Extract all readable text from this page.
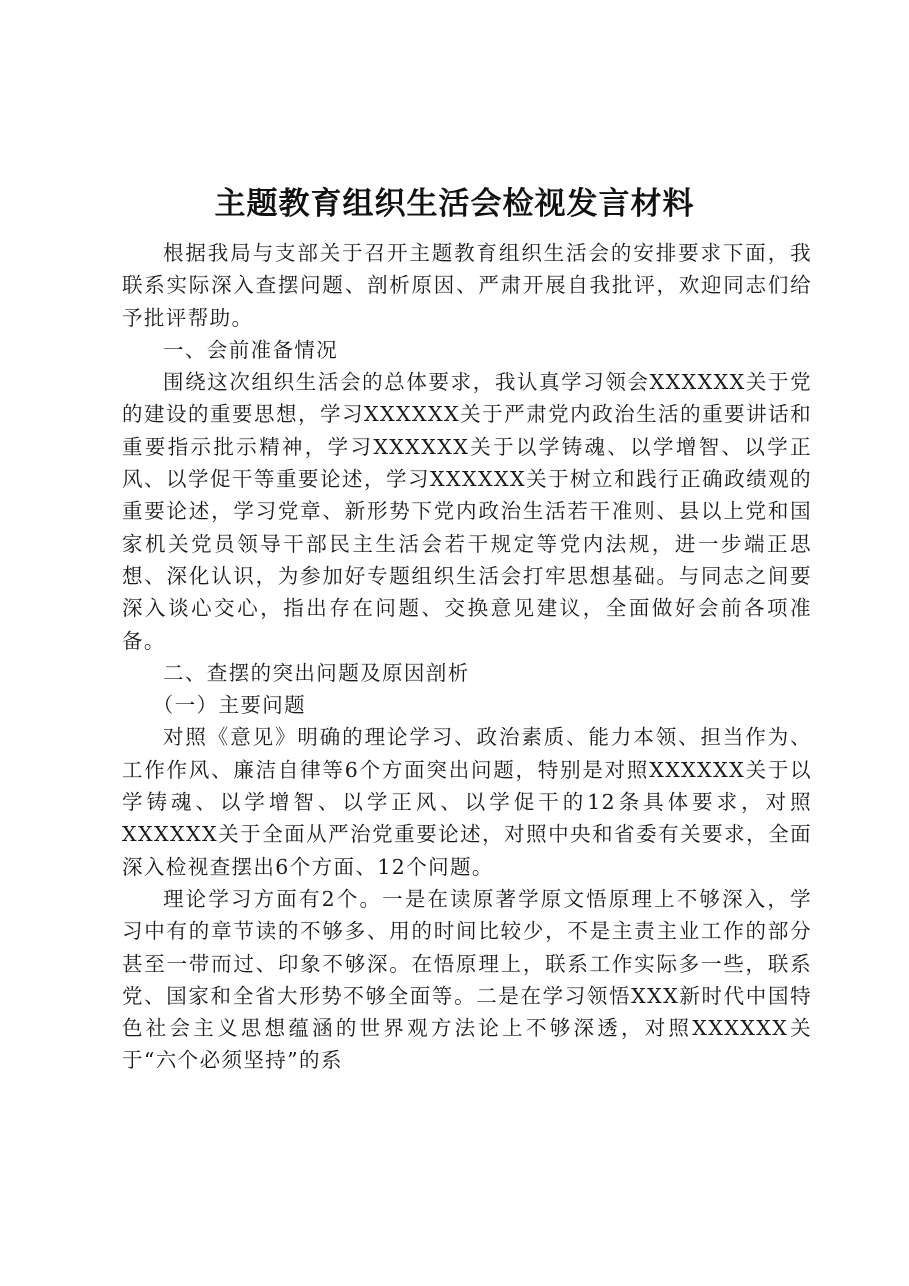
主题教育组织生活会检视发言材料

根据我局与支部关于召开主题教育组织生活会的安排要求下面，我联系实际深入查摆问题、剖析原因、严肃开展自我批评，欢迎同志们给予批评帮助。

一、会前准备情况

围绕这次组织生活会的总体要求，我认真学习领会XXXXXX关于党的建设的重要思想，学习XXXXXX关于严肃党内政治生活的重要讲话和重要指示批示精神，学习XXXXXX关于以学铸魂、以学增智、以学正风、以学促干等重要论述，学习XXXXXX关于树立和践行正确政绩观的重要论述，学习党章、新形势下党内政治生活若干准则、县以上党和国家机关党员领导干部民主生活会若干规定等党内法规，进一步端正思想、深化认识，为参加好专题组织生活会打牢思想基础。与同志之间要深入谈心交心，指出存在问题、交换意见建议，全面做好会前各项准备。

二、查摆的突出问题及原因剖析

（一）主要问题

对照《意见》明确的理论学习、政治素质、能力本领、担当作为、工作作风、廉洁自律等6个方面突出问题，特别是对照XXXXXX关于以学铸魂、以学增智、以学正风、以学促干的12条具体要求，对照XXXXXX关于全面从严治党重要论述，对照中央和省委有关要求，全面深入检视查摆出6个方面、12个问题。

理论学习方面有2个。一是在读原著学原文悟原理上不够深入，学习中有的章节读的不够多、用的时间比较少，不是主责主业工作的部分甚至一带而过、印象不够深。在悟原理上，联系工作实际多一些，联系党、国家和全省大形势不够全面等。二是在学习领悟XXX新时代中国特色社会主义思想蕴涵的世界观方法论上不够深透，对照XXXXXX关于“六个必须坚持”的系
